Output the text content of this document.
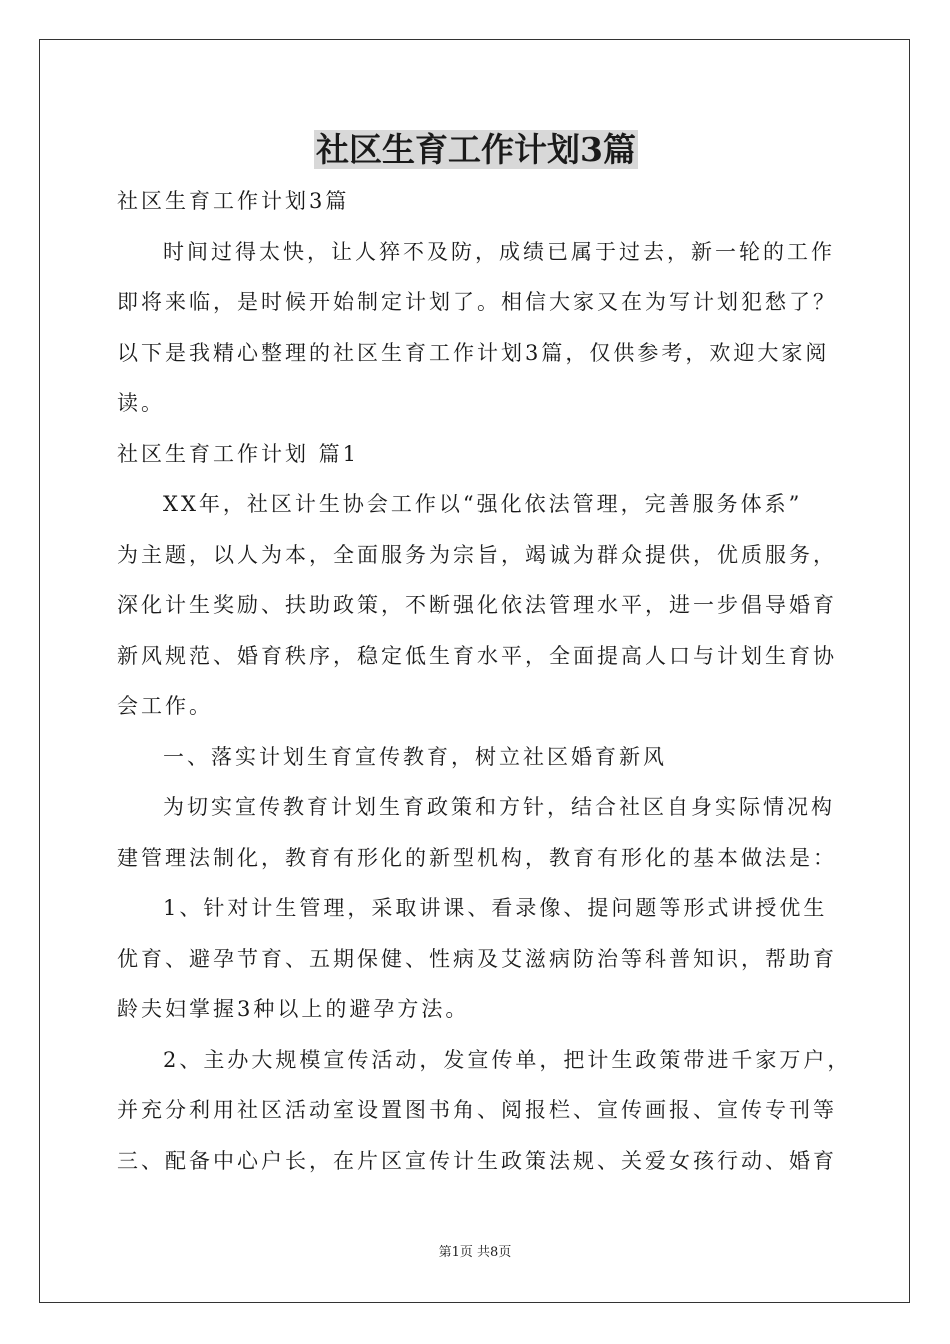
社区生育工作计划3篇
社区生育工作计划3篇
时间过得太快，让人猝不及防，成绩已属于过去，新一轮的工作
即将来临，是时候开始制定计划了。相信大家又在为写计划犯愁了？
以下是我精心整理的社区生育工作计划3篇，仅供参考，欢迎大家阅
读。
社区生育工作计划 篇1
XX年，社区计生协会工作以“强化依法管理，完善服务体系”
为主题，以人为本，全面服务为宗旨，竭诚为群众提供，优质服务，
深化计生奖励、扶助政策，不断强化依法管理水平，进一步倡导婚育
新风规范、婚育秩序，稳定低生育水平，全面提高人口与计划生育协
会工作。
一、落实计划生育宣传教育，树立社区婚育新风
为切实宣传教育计划生育政策和方针，结合社区自身实际情况构
建管理法制化，教育有形化的新型机构，教育有形化的基本做法是：
1、针对计生管理，采取讲课、看录像、提问题等形式讲授优生
优育、避孕节育、五期保健、性病及艾滋病防治等科普知识，帮助育
龄夫妇掌握3种以上的避孕方法。
2、主办大规模宣传活动，发宣传单，把计生政策带进千家万户，
并充分利用社区活动室设置图书角、阅报栏、宣传画报、宣传专刊等
三、配备中心户长，在片区宣传计生政策法规、关爱女孩行动、婚育
第1页 共8页
